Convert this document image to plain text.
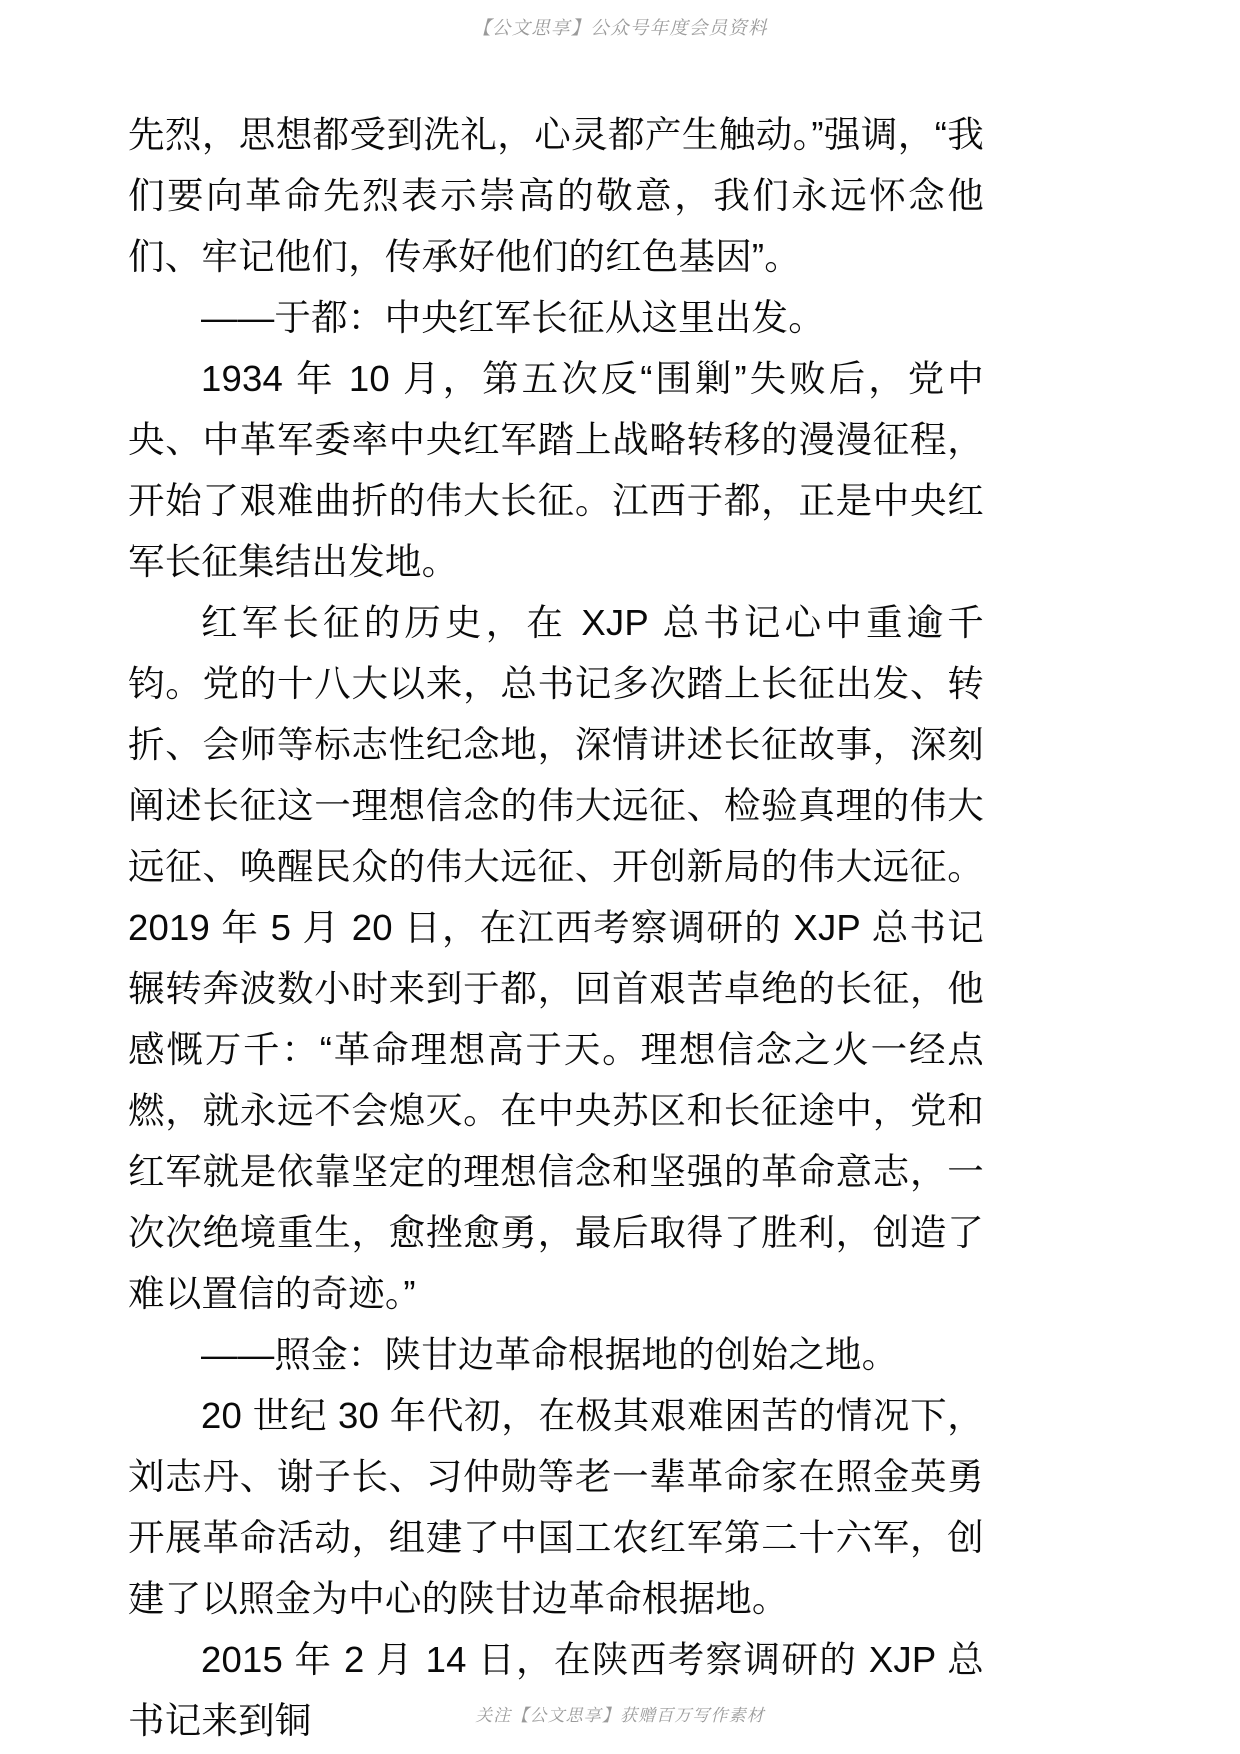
【公文思享】公众号年度会员资料

先烈，思想都受到洗礼，心灵都产生触动。”强调，“我们要向革命先烈表示崇高的敬意，我们永远怀念他们、牢记他们，传承好他们的红色基因”。

——于都：中央红军长征从这里出发。

1934 年 10 月，第五次反“围剿”失败后，党中央、中革军委率中央红军踏上战略转移的漫漫征程，开始了艰难曲折的伟大长征。江西于都，正是中央红军长征集结出发地。

红军长征的历史，在 XJP 总书记心中重逾千钧。党的十八大以来，总书记多次踏上长征出发、转折、会师等标志性纪念地，深情讲述长征故事，深刻阐述长征这一理想信念的伟大远征、检验真理的伟大远征、唤醒民众的伟大远征、开创新局的伟大远征。2019 年 5 月 20 日，在江西考察调研的 XJP 总书记辗转奔波数小时来到于都，回首艰苦卓绝的长征，他感慨万千：“革命理想高于天。理想信念之火一经点燃，就永远不会熄灭。在中央苏区和长征途中，党和红军就是依靠坚定的理想信念和坚强的革命意志，一次次绝境重生，愈挫愈勇，最后取得了胜利，创造了难以置信的奇迹。”

——照金：陕甘边革命根据地的创始之地。

20 世纪 30 年代初，在极其艰难困苦的情况下，刘志丹、谢子长、习仲勋等老一辈革命家在照金英勇开展革命活动，组建了中国工农红军第二十六军，创建了以照金为中心的陕甘边革命根据地。

2015 年 2 月 14 日，在陕西考察调研的 XJP 总书记来到铜	关注【公文思享】获赠百万写作素材
